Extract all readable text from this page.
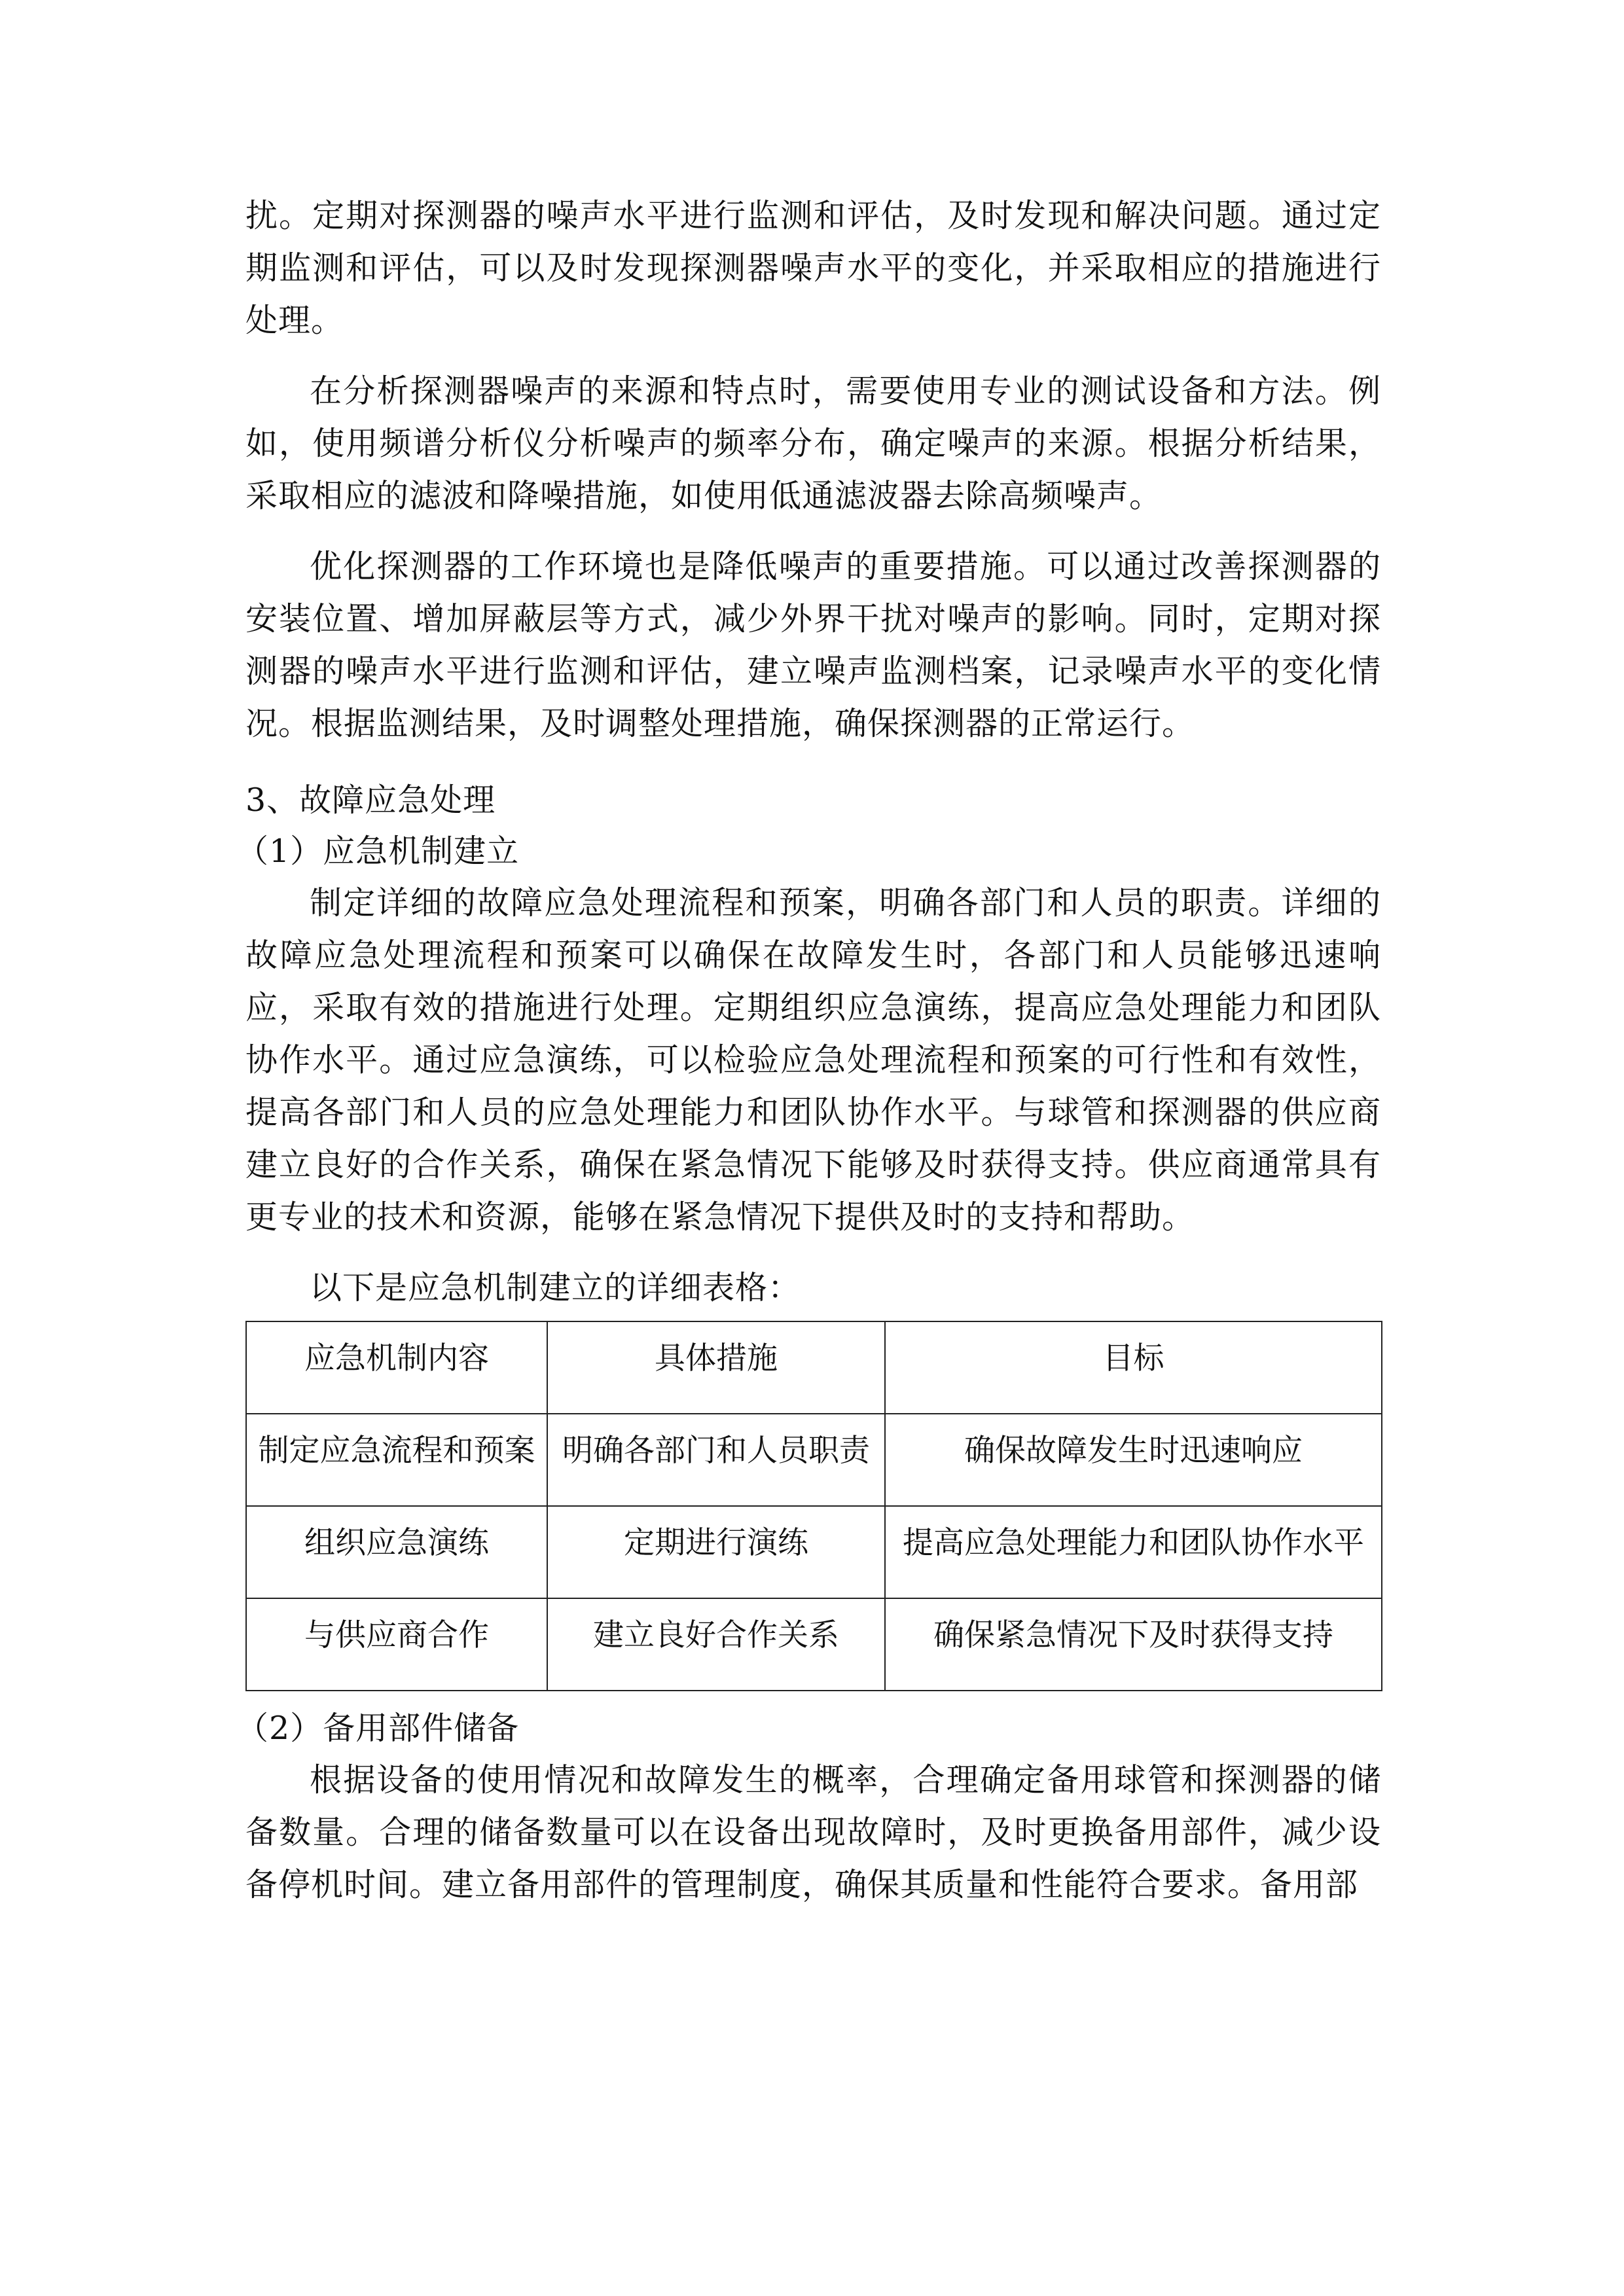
扰。定期对探测器的噪声水平进行监测和评估，及时发现和解决问题。通过定期监测和评估，可以及时发现探测器噪声水平的变化，并采取相应的措施进行处理。

在分析探测器噪声的来源和特点时，需要使用专业的测试设备和方法。例如，使用频谱分析仪分析噪声的频率分布，确定噪声的来源。根据分析结果，采取相应的滤波和降噪措施，如使用低通滤波器去除高频噪声。

优化探测器的工作环境也是降低噪声的重要措施。可以通过改善探测器的安装位置、增加屏蔽层等方式，减少外界干扰对噪声的影响。同时，定期对探测器的噪声水平进行监测和评估，建立噪声监测档案，记录噪声水平的变化情况。根据监测结果，及时调整处理措施，确保探测器的正常运行。

3、故障应急处理

（1）应急机制建立

制定详细的故障应急处理流程和预案，明确各部门和人员的职责。详细的故障应急处理流程和预案可以确保在故障发生时，各部门和人员能够迅速响应，采取有效的措施进行处理。定期组织应急演练，提高应急处理能力和团队协作水平。通过应急演练，可以检验应急处理流程和预案的可行性和有效性，提高各部门和人员的应急处理能力和团队协作水平。与球管和探测器的供应商建立良好的合作关系，确保在紧急情况下能够及时获得支持。供应商通常具有更专业的技术和资源，能够在紧急情况下提供及时的支持和帮助。

以下是应急机制建立的详细表格：

应急机制内容	具体措施	目标
制定应急流程和预案	明确各部门和人员职责	确保故障发生时迅速响应
组织应急演练	定期进行演练	提高应急处理能力和团队协作水平
与供应商合作	建立良好合作关系	确保紧急情况下及时获得支持

（2）备用部件储备

根据设备的使用情况和故障发生的概率，合理确定备用球管和探测器的储备数量。合理的储备数量可以在设备出现故障时，及时更换备用部件，减少设备停机时间。建立备用部件的管理制度，确保其质量和性能符合要求。备用部
